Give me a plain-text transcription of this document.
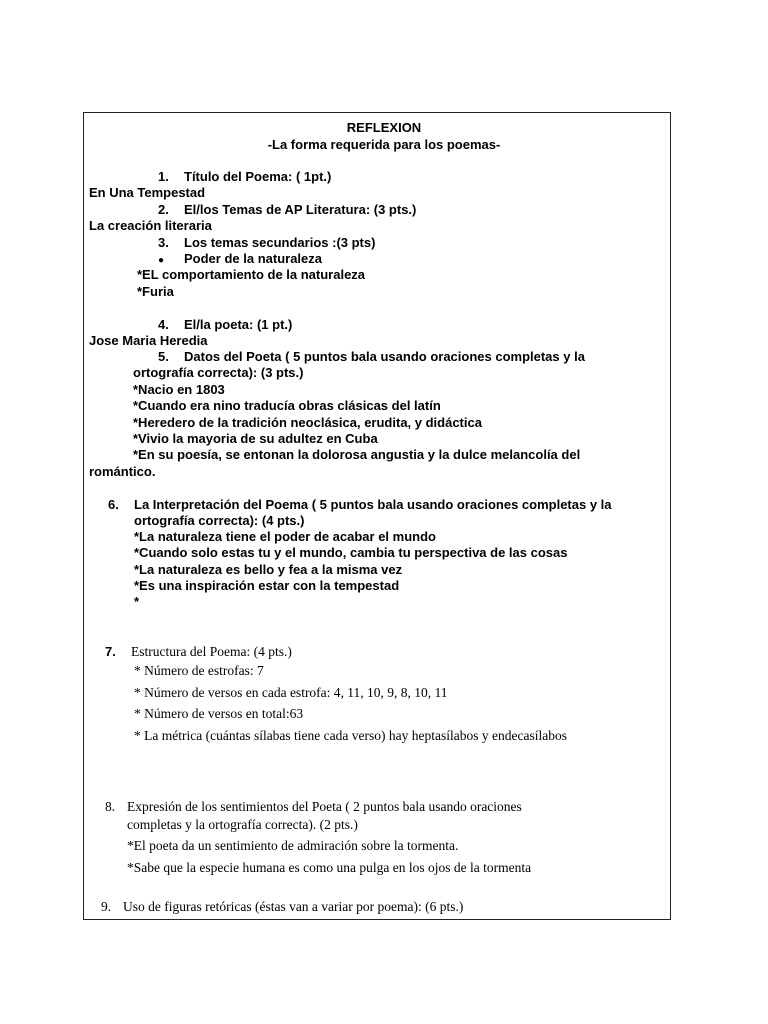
REFLEXION
-La forma requerida para los poemas-
1. Título del Poema: ( 1pt.)
En Una Tempestad
2. El/los Temas de AP Literatura: (3 pts.)
La creación literaria
3. Los temas secundarios :(3 pts)
● Poder de la naturaleza
*EL comportamiento de la naturaleza
*Furia
4. El/la poeta: (1 pt.)
Jose Maria Heredia
5. Datos del Poeta ( 5 puntos bala usando oraciones completas y la
ortografía correcta): (3 pts.)
*Nacio en 1803
*Cuando era nino traducía obras clásicas del latín
*Heredero de la tradición neoclásica, erudita, y didáctica
*Vivio la mayoria de su adultez en Cuba
*En su poesía, se entonan la dolorosa angustia y la dulce melancolía del
romántico.
6. La Interpretación del Poema ( 5 puntos bala usando oraciones completas y la
ortografía correcta): (4 pts.)
*La naturaleza tiene el poder de acabar el mundo
*Cuando solo estas tu y el mundo, cambia tu perspectiva de las cosas
*La naturaleza es bello y fea a la misma vez
*Es una inspiración estar con la tempestad
*
7. Estructura del Poema: (4 pts.)
* Número de estrofas: 7
* Número de versos en cada estrofa: 4, 11, 10, 9, 8, 10, 11
* Número de versos en total:63
* La métrica (cuántas sílabas tiene cada verso) hay heptasílabos y endecasílabos
8. Expresión de los sentimientos del Poeta ( 2 puntos bala usando oraciones
completas y la ortografía correcta). (2 pts.)
*El poeta da un sentimiento de admiración sobre la tormenta.
*Sabe que la especie humana es como una pulga en los ojos de la tormenta
9. Uso de figuras retóricas (éstas van a variar por poema): (6 pts.)
